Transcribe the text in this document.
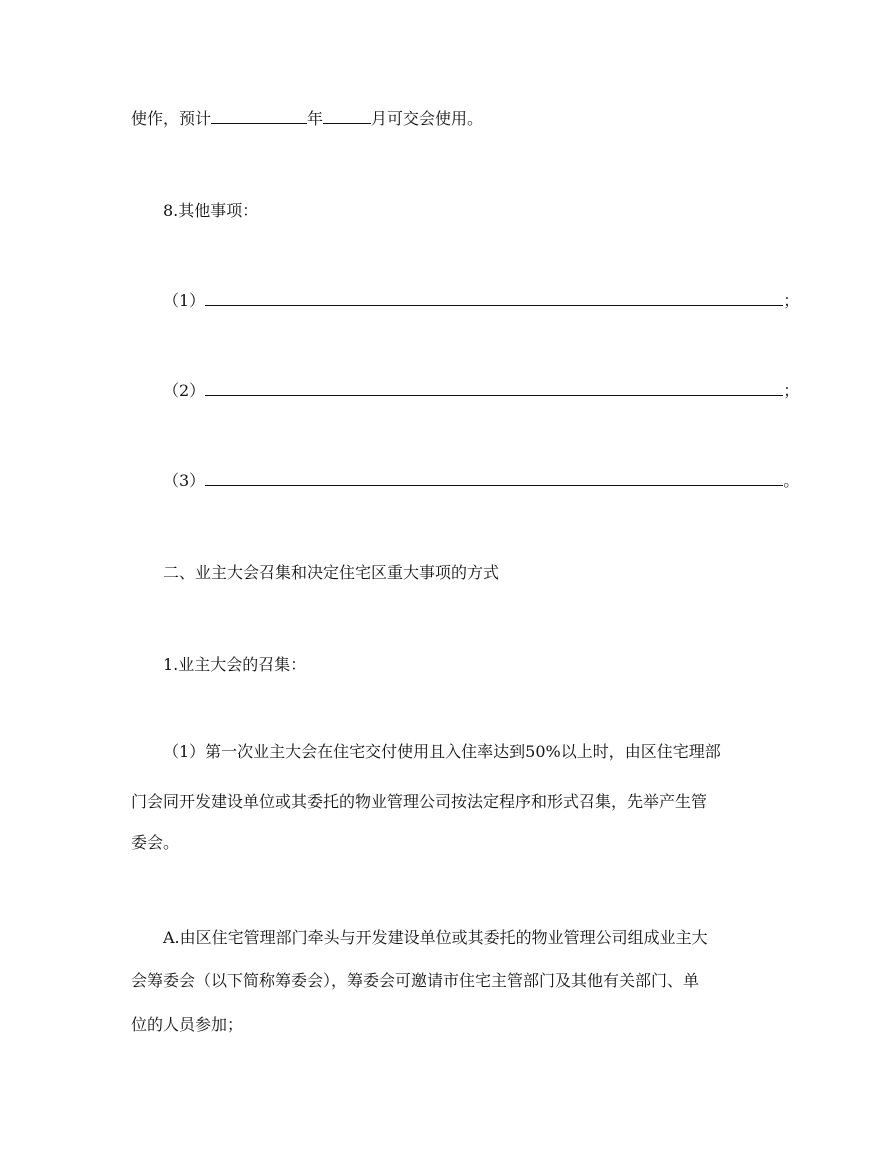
使作，预计	年	月可交会使用。
8.其他事项：
（1）	；
（2）	；
（3）	。
二、业主大会召集和决定住宅区重大事项的方式
1.业主大会的召集：
（1）第一次业主大会在住宅交付使用且入住率达到50%以上时，由区住宅理部
门会同开发建设单位或其委托的物业管理公司按法定程序和形式召集，先举产生管
委会。
A.由区住宅管理部门牵头与开发建设单位或其委托的物业管理公司组成业主大
会筹委会（以下简称筹委会），筹委会可邀请市住宅主管部门及其他有关部门、单
位的人员参加；
